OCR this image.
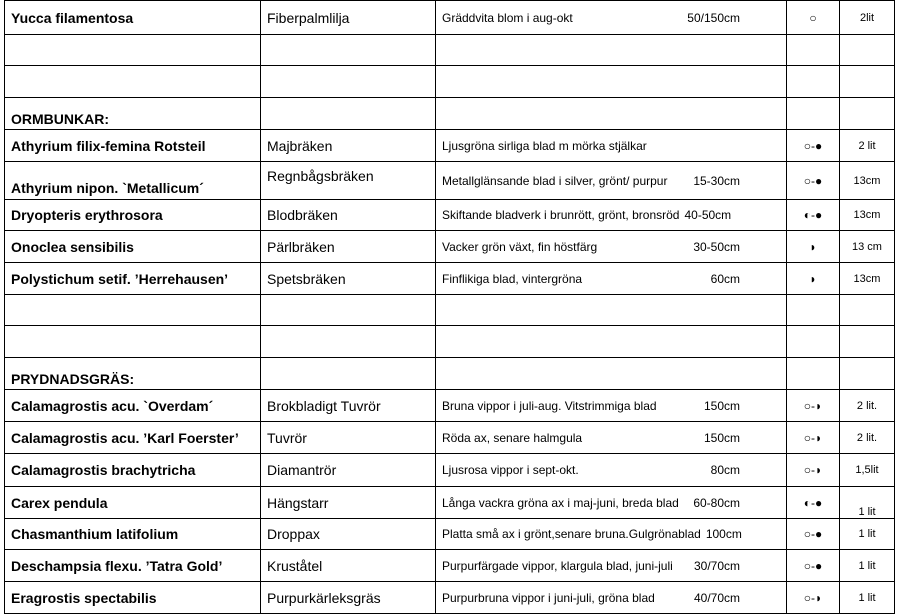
Yucca filamentosa	Fiberpalmlilja	Gräddvita blom i aug-okt 50/150cm	○	2lit

ORMBUNKAR:				
Athyrium filix-femina Rotsteil	Majbräken	Ljusgröna sirliga blad m mörka stjälkar	○-●	2 lit
Athyrium nipon. `Metallicum´	Regnbågsbräken	Metallglänsande blad i silver, grönt/ purpur 15-30cm	○-●	13cm
Dryopteris erythrosora	Blodbräken	Skiftande bladverk i brunrött, grönt, bronsröd 40-50cm	◐-●	13cm
Onoclea sensibilis	Pärlbräken	Vacker grön växt, fin höstfärg 30-50cm	◗	13 cm
Polystichum setif. ’Herrehausen’	Spetsbräken	Finflikiga blad, vintergröna 60cm	◗	13cm

PRYDNADSGRÄS:				
Calamagrostis acu. `Overdam´	Brokbladigt Tuvrör	Bruna vippor i juli-aug. Vitstrimmiga blad 150cm	○-◗	2 lit.
Calamagrostis acu. ’Karl Foerster’	Tuvrör	Röda ax, senare halmgula 150cm	○-◗	2 lit.
Calamagrostis brachytricha	Diamantrör	Ljusrosa vippor i sept-okt. 80cm	○-◗	1,5lit
Carex pendula	Hängstarr	Långa vackra gröna ax i maj-juni, breda blad 60-80cm	◐-●	1 lit
Chasmanthium latifolium	Droppax	Platta små ax i grönt,senare bruna.Gulgrönablad 100cm	○-●	1 lit
Deschampsia flexu. ’Tatra Gold’	Kruståtel	Purpurfärgade vippor, klargula blad, juni-juli 30/70cm	○-●	1 lit
Eragrostis spectabilis	Purpurkärleksgräs	Purpurbruna vippor i juni-juli, gröna blad 40/70cm	○-◗	1 lit
